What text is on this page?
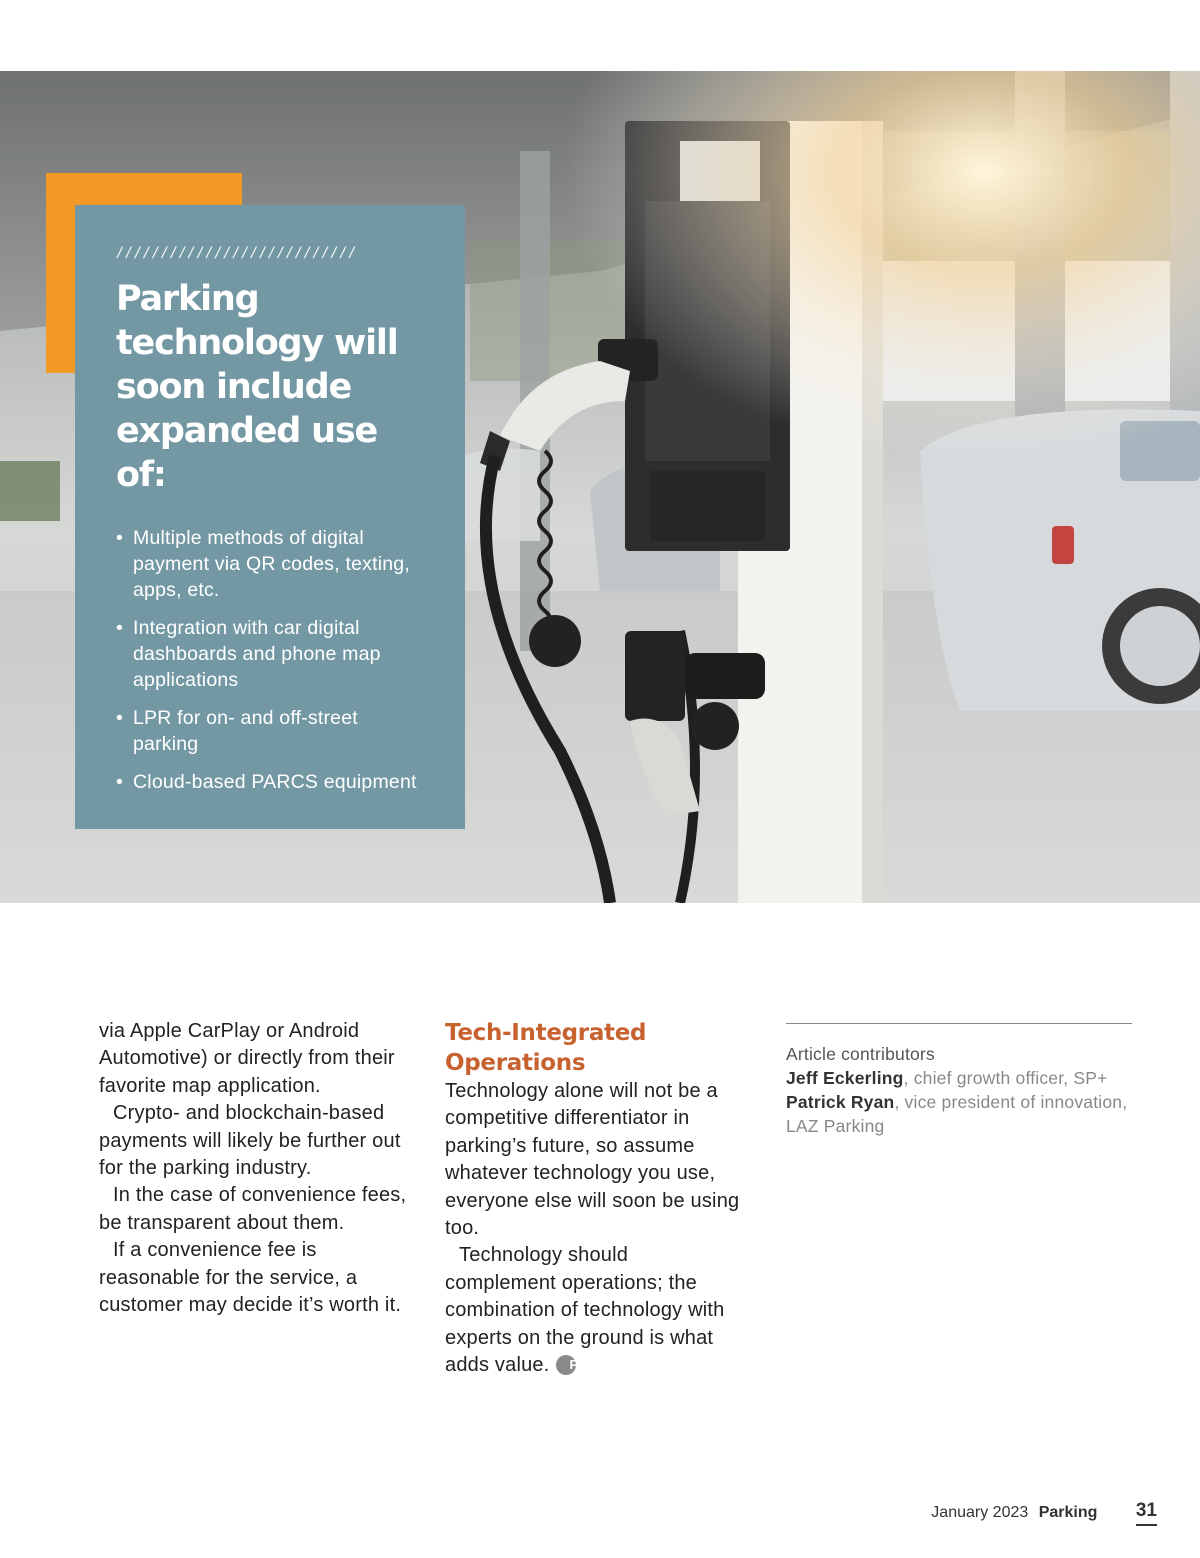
///////////////////////////
Parking
technology will
soon include
expanded use of:
• Multiple methods of digital payment via QR codes, texting, apps, etc.
• Integration with car digital dashboards and phone map applications
• LPR for on- and off-street parking
• Cloud-based PARCS equipment

via Apple CarPlay or Android Automotive) or directly from their favorite map application.

Crypto- and blockchain-based payments will likely be further out for the parking industry.

In the case of convenience fees, be transparent about them.

If a convenience fee is reasonable for the service, a customer may decide it’s worth it.

Tech-Integrated Operations

Technology alone will not be a competitive differentiator in parking’s future, so assume whatever technology you use, everyone else will soon be using too.

Technology should complement operations; the combination of technology with experts on the ground is what adds value. P

Article contributors

Jeff Eckerling, chief growth officer, SP+

Patrick Ryan, vice president of innovation, LAZ Parking

January 2023 Parking 31
